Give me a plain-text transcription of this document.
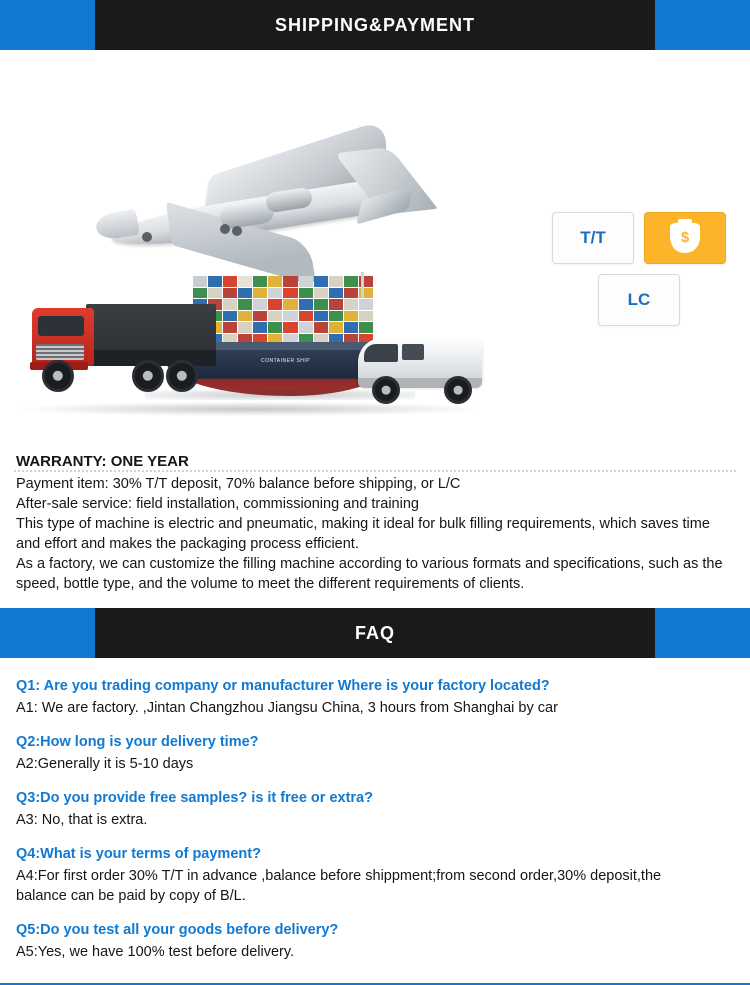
SHIPPING&PAYMENT
CONTAINER SHIP
T/T
$
LC

WARRANTY: ONE YEAR

Payment item: 30% T/T deposit, 70% balance before shipping, or L/C

After-sale service: field installation, commissioning and training

This type of machine is electric and pneumatic, making it ideal for bulk filling requirements, which saves time and effort and makes the packaging process efficient.

As a factory, we can customize the filling machine according to various formats and specifications, such as the speed, bottle type, and the volume to meet the different requirements of clients.

FAQ
Q1: Are you trading company or manufacturer Where is your factory located?
A1: We are factory. ,Jintan Changzhou Jiangsu China, 3 hours from Shanghai by car
Q2:How long is your delivery time?
A2:Generally it is 5-10 days
Q3:Do you provide free samples? is it free or extra?
A3: No, that is extra.
Q4:What is your terms of payment?
A4:For first order 30% T/T in advance ,balance before shippment;from second order,30% deposit,the balance can be paid by copy of B/L.
Q5:Do you test all your goods before delivery?
A5:Yes, we have 100% test before delivery.
